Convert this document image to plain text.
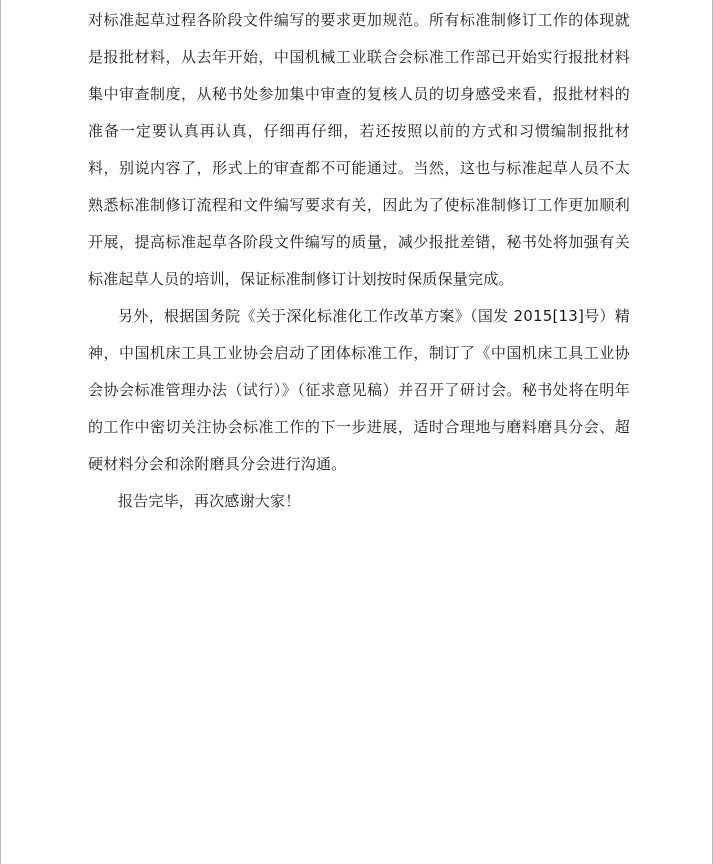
对标准起草过程各阶段文件编写的要求更加规范。所有标准制修订工作的体现就是报批材料，从去年开始，中国机械工业联合会标准工作部已开始实行报批材料集中审查制度，从秘书处参加集中审查的复核人员的切身感受来看，报批材料的准备一定要认真再认真，仔细再仔细，若还按照以前的方式和习惯编制报批材料，别说内容了，形式上的审查都不可能通过。当然，这也与标准起草人员不太熟悉标准制修订流程和文件编写要求有关，因此为了使标准制修订工作更加顺利开展，提高标准起草各阶段文件编写的质量，减少报批差错，秘书处将加强有关标准起草人员的培训，保证标准制修订计划按时保质保量完成。

另外，根据国务院《关于深化标准化工作改革方案》（国发 2015[13]号）精神，中国机床工具工业协会启动了团体标准工作，制订了《中国机床工具工业协会协会标准管理办法（试行）》（征求意见稿）并召开了研讨会。秘书处将在明年的工作中密切关注协会标准工作的下一步进展，适时合理地与磨料磨具分会、超硬材料分会和涂附磨具分会进行沟通。

报告完毕，再次感谢大家！
